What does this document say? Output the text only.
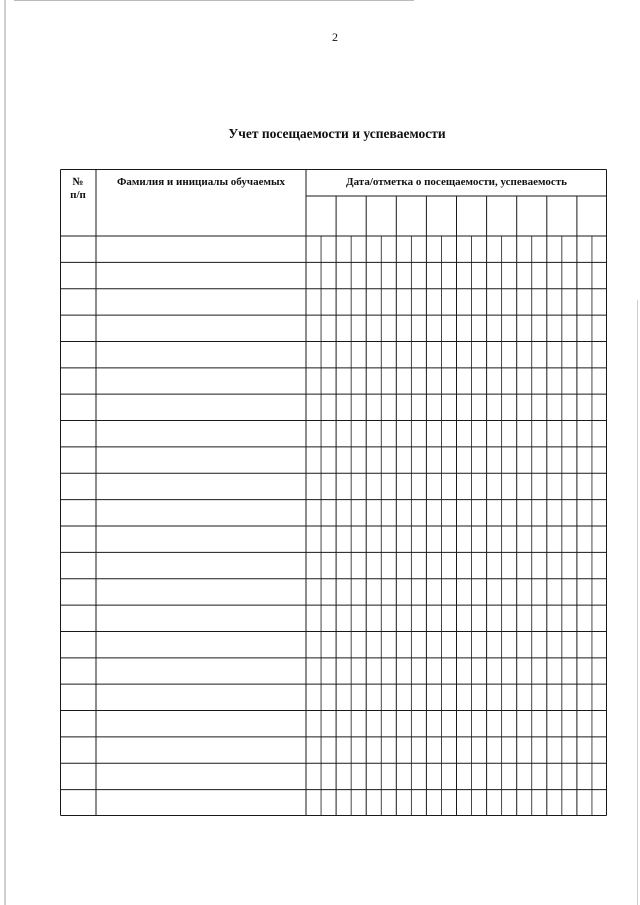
2
Учет посещаемости и успеваемости
№
п/п
Фамилия и инициалы обучаемых	Дата/отметка о посещаемости, успеваемость
